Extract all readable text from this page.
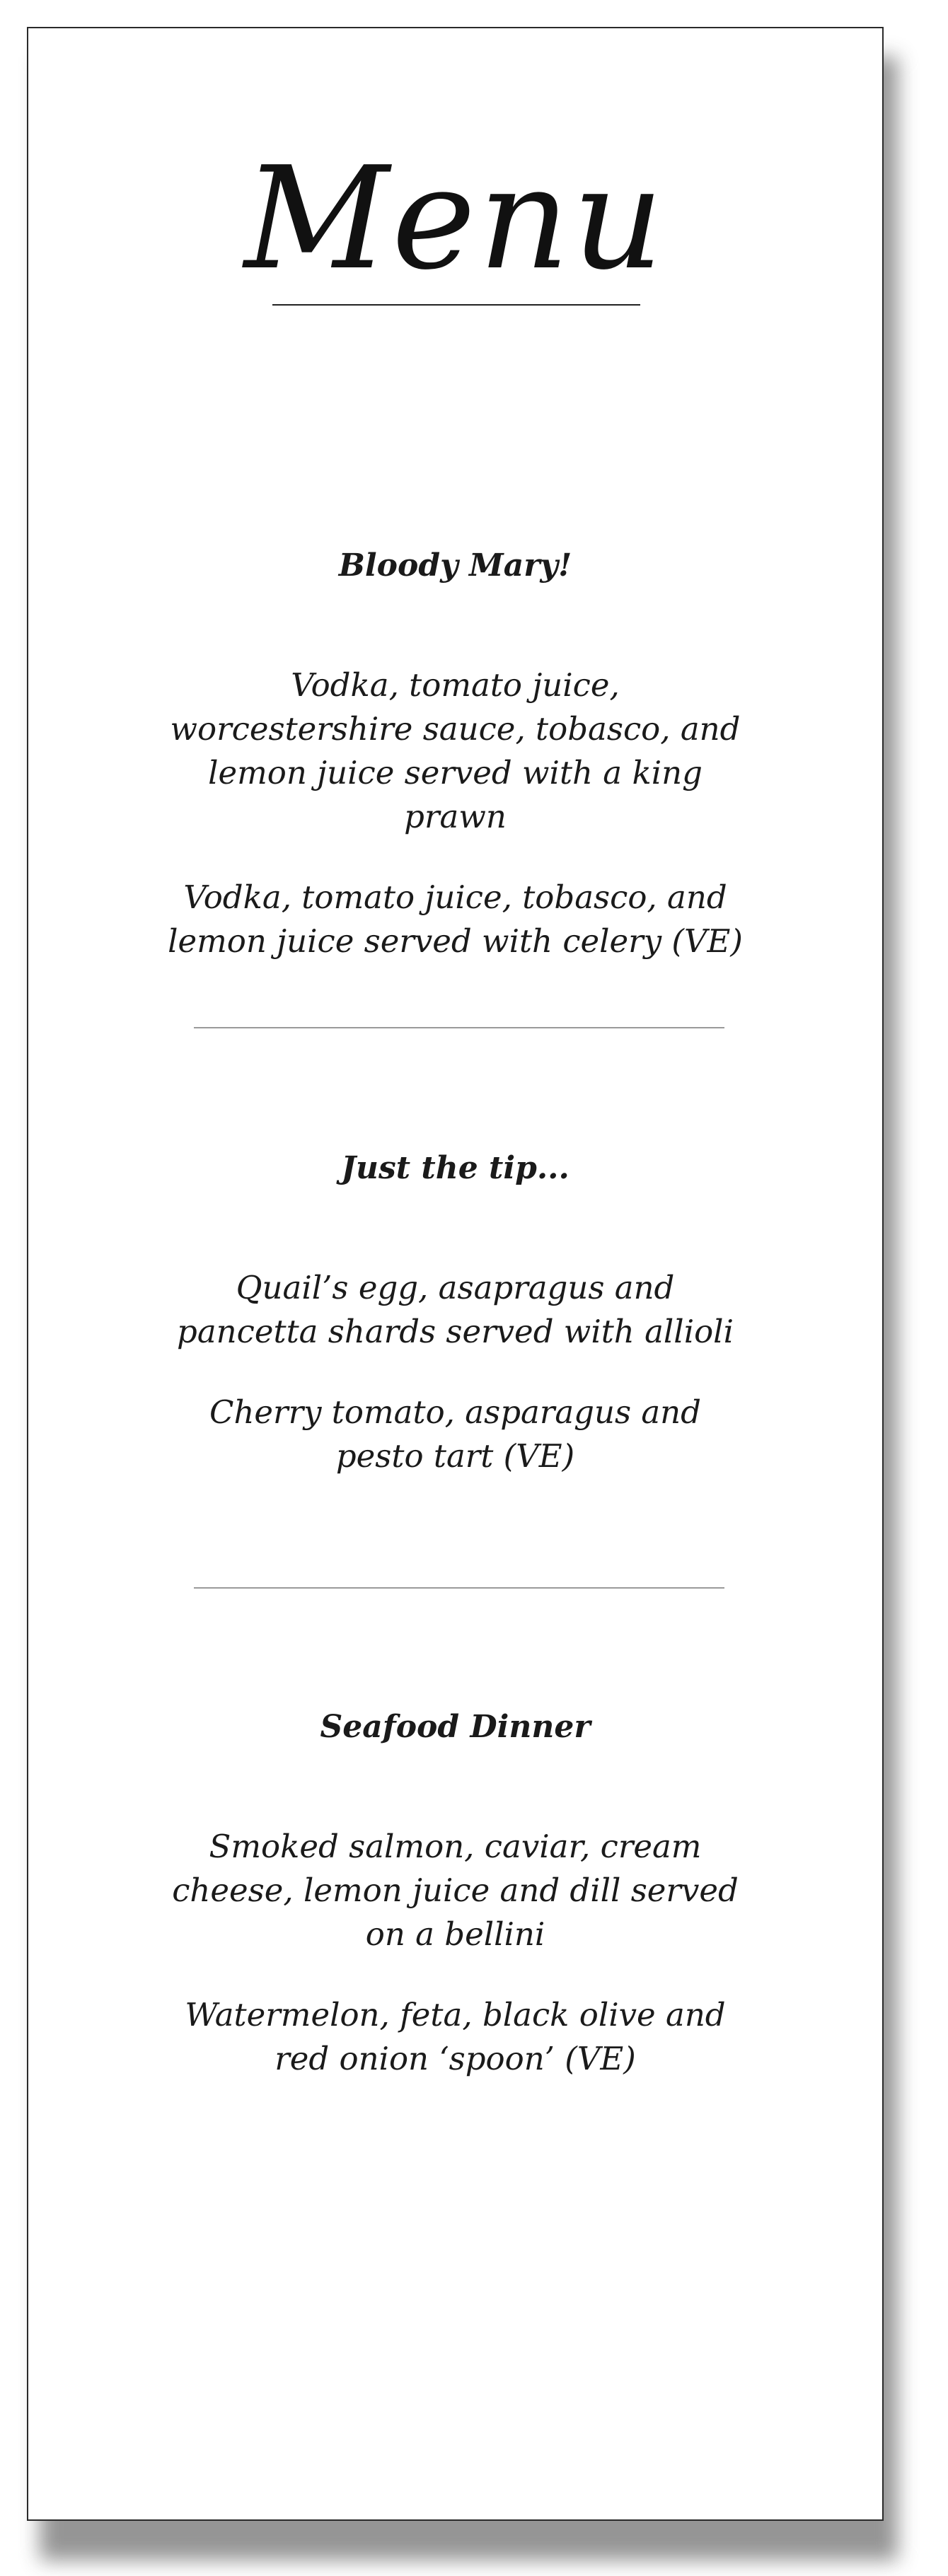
Menu

Bloody Mary!

Vodka, tomato juice, worcestershire sauce, tobasco, and lemon juice served with a king prawn

Vodka, tomato juice, tobasco, and lemon juice served with celery (VE)

Just the tip...

Quail’s egg, asapragus and pancetta shards served with allioli

Cherry tomato, asparagus and pesto tart (VE)

Seafood Dinner

Smoked salmon, caviar, cream cheese, lemon juice and dill served on a bellini

Watermelon, feta, black olive and red onion ‘spoon’ (VE)
